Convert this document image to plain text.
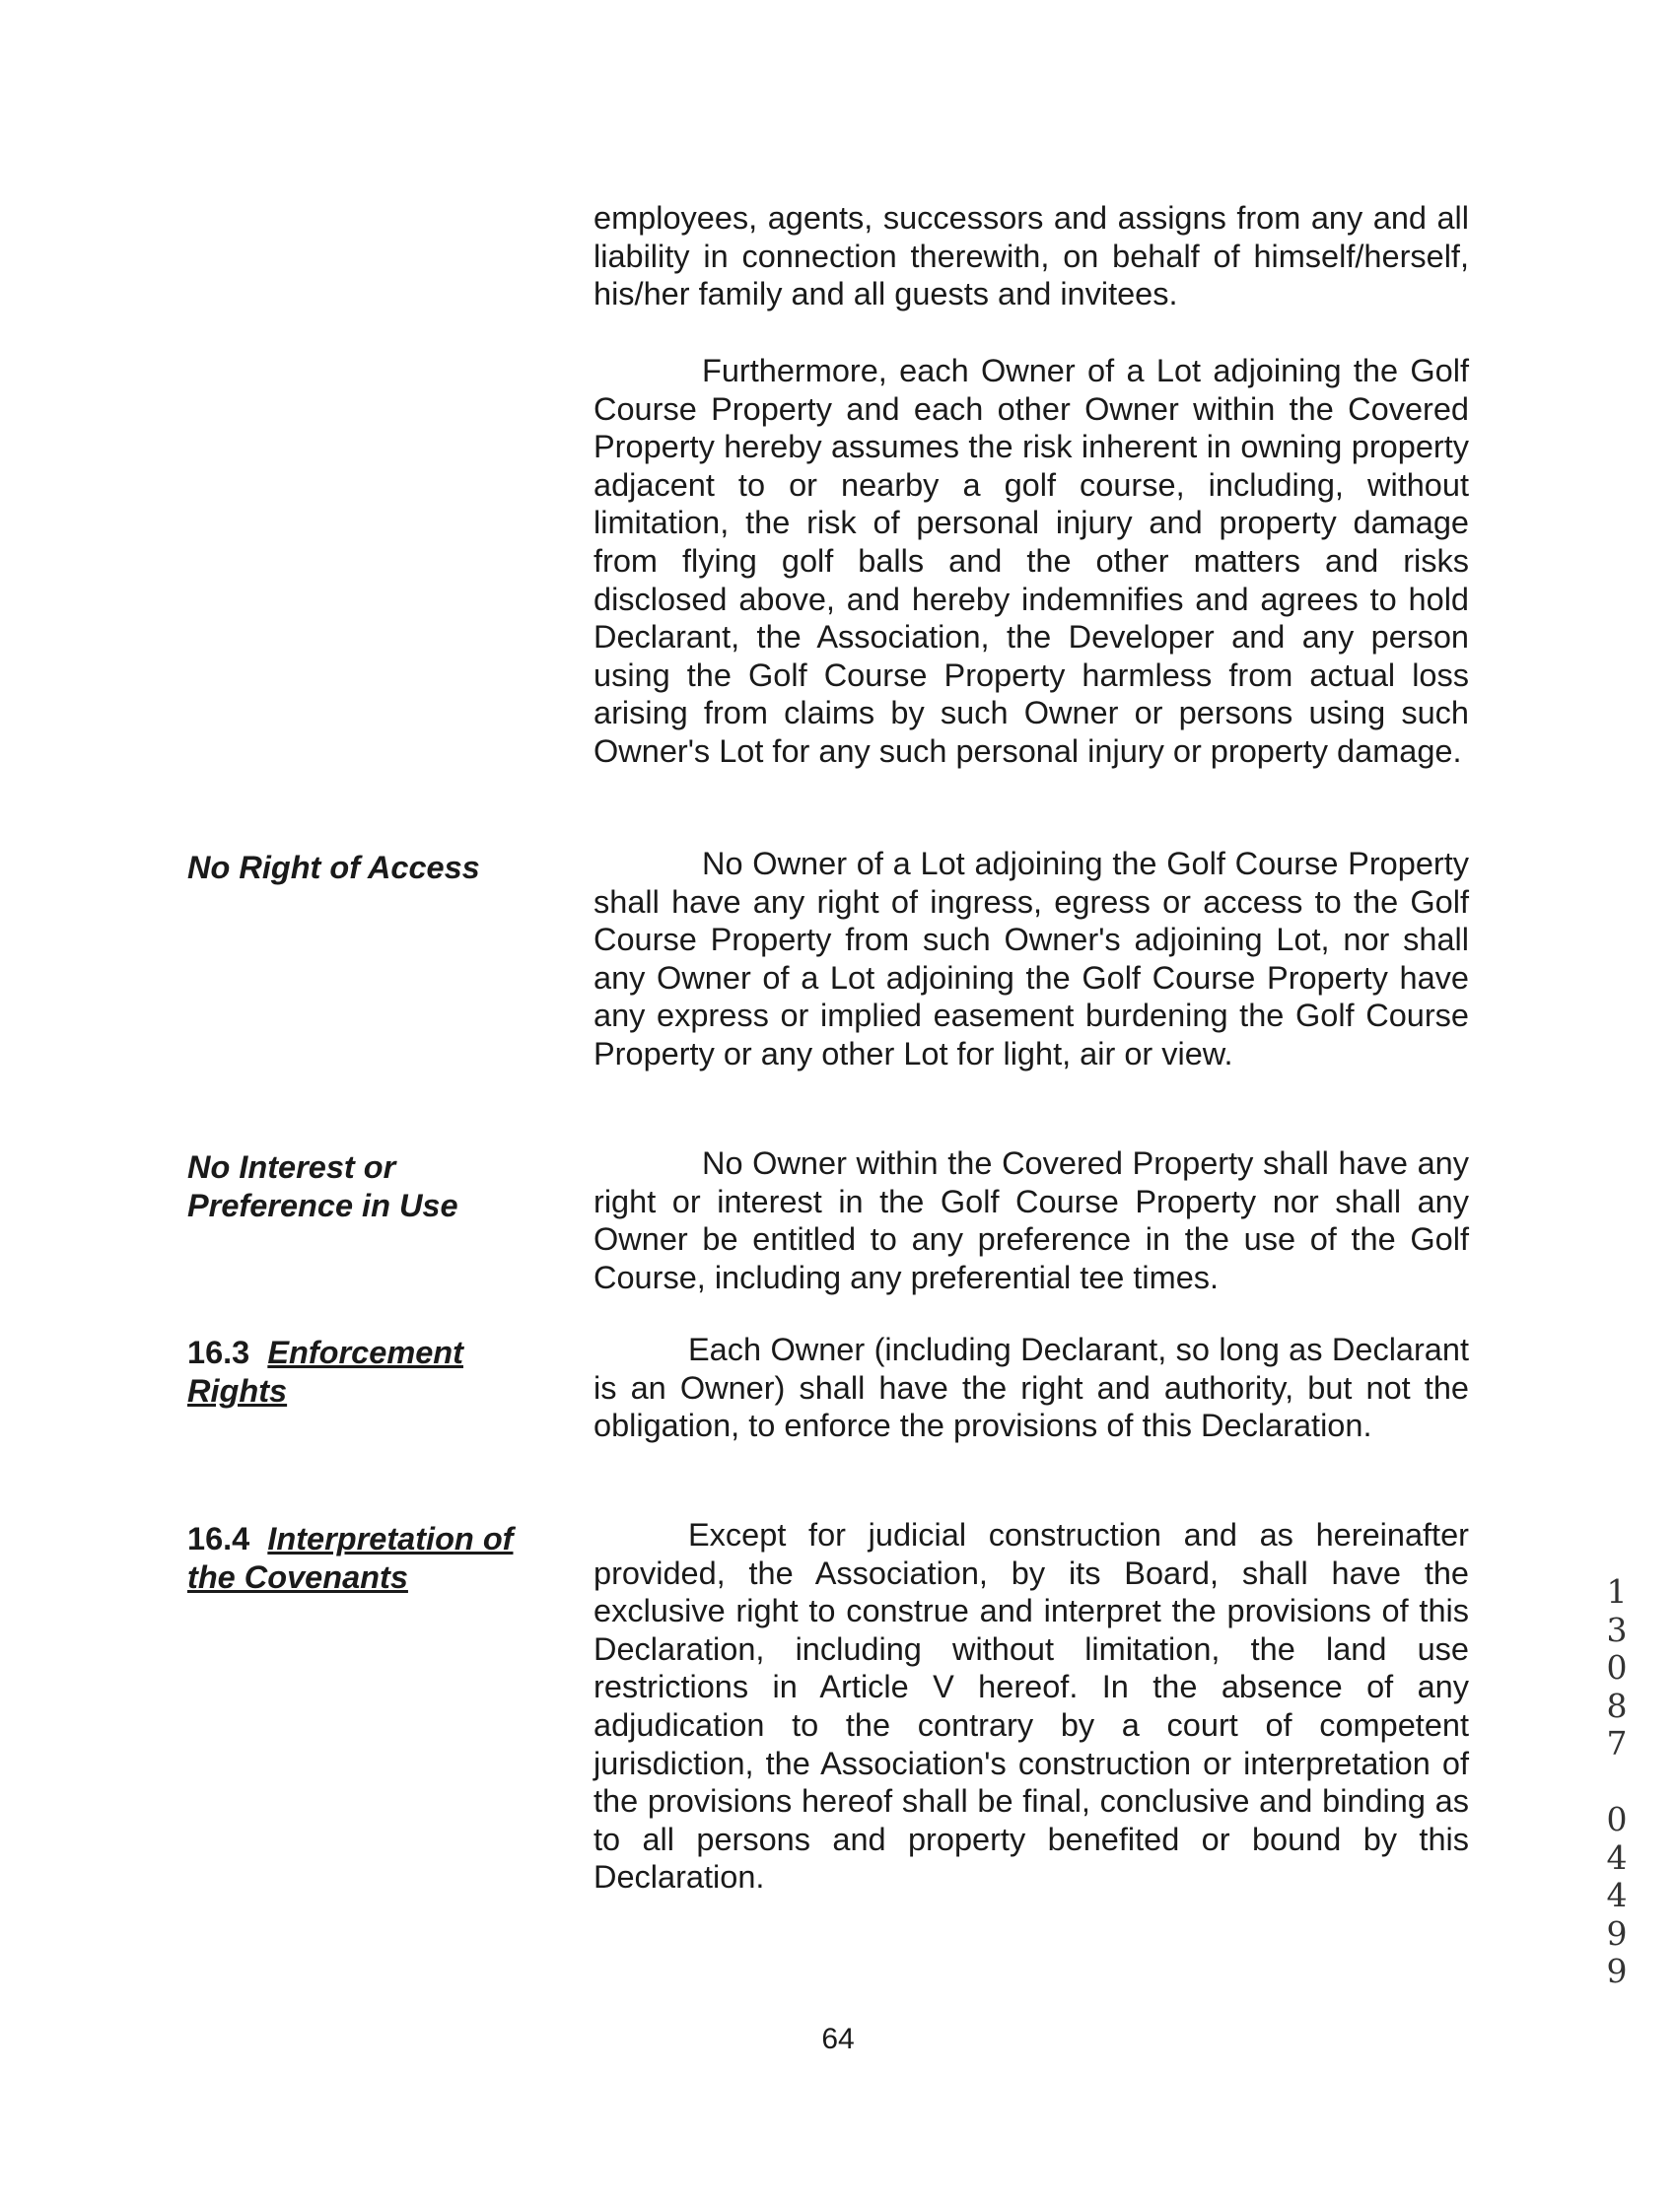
employees, agents, successors and assigns from any and all liability in connection therewith, on behalf of himself/herself, his/her family and all guests and invitees.

Furthermore, each Owner of a Lot adjoining the Golf Course Property and each other Owner within the Covered Property hereby assumes the risk inherent in owning property adjacent to or nearby a golf course, including, without limitation, the risk of personal injury and property damage from flying golf balls and the other matters and risks disclosed above, and hereby indemnifies and agrees to hold Declarant, the Association, the Developer and any person using the Golf Course Property harmless from actual loss arising from claims by such Owner or persons using such Owner's Lot for any such personal injury or property damage.

No Right of Access	No Owner of a Lot adjoining the Golf Course Property shall have any right of ingress, egress or access to the Golf Course Property from such Owner's adjoining Lot, nor shall any Owner of a Lot adjoining the Golf Course Property have any express or implied easement burdening the Golf Course Property or any other Lot for light, air or view.

No Interest or
Preference in Use

No Owner within the Covered Property shall have any right or interest in the Golf Course Property nor shall any Owner be entitled to any preference in the use of the Golf Course, including any preferential tee times.

16.3 Enforcement
Rights

Each Owner (including Declarant, so long as Declarant is an Owner) shall have the right and authority, but not the obligation, to enforce the provisions of this Declaration.

16.4 Interpretation of
the Covenants

Except for judicial construction and as hereinafter provided, the Association, by its Board, shall have the exclusive right to construe and interpret the provisions of this Declaration, including without limitation, the land use restrictions in Article V hereof. In the absence of any adjudication to the contrary by a court of competent jurisdiction, the Association's construction or interpretation of the provisions hereof shall be final, conclusive and binding as to all persons and property benefited or bound by this Declaration.

1
3
0
8
7
0
4
4
9
9
64
